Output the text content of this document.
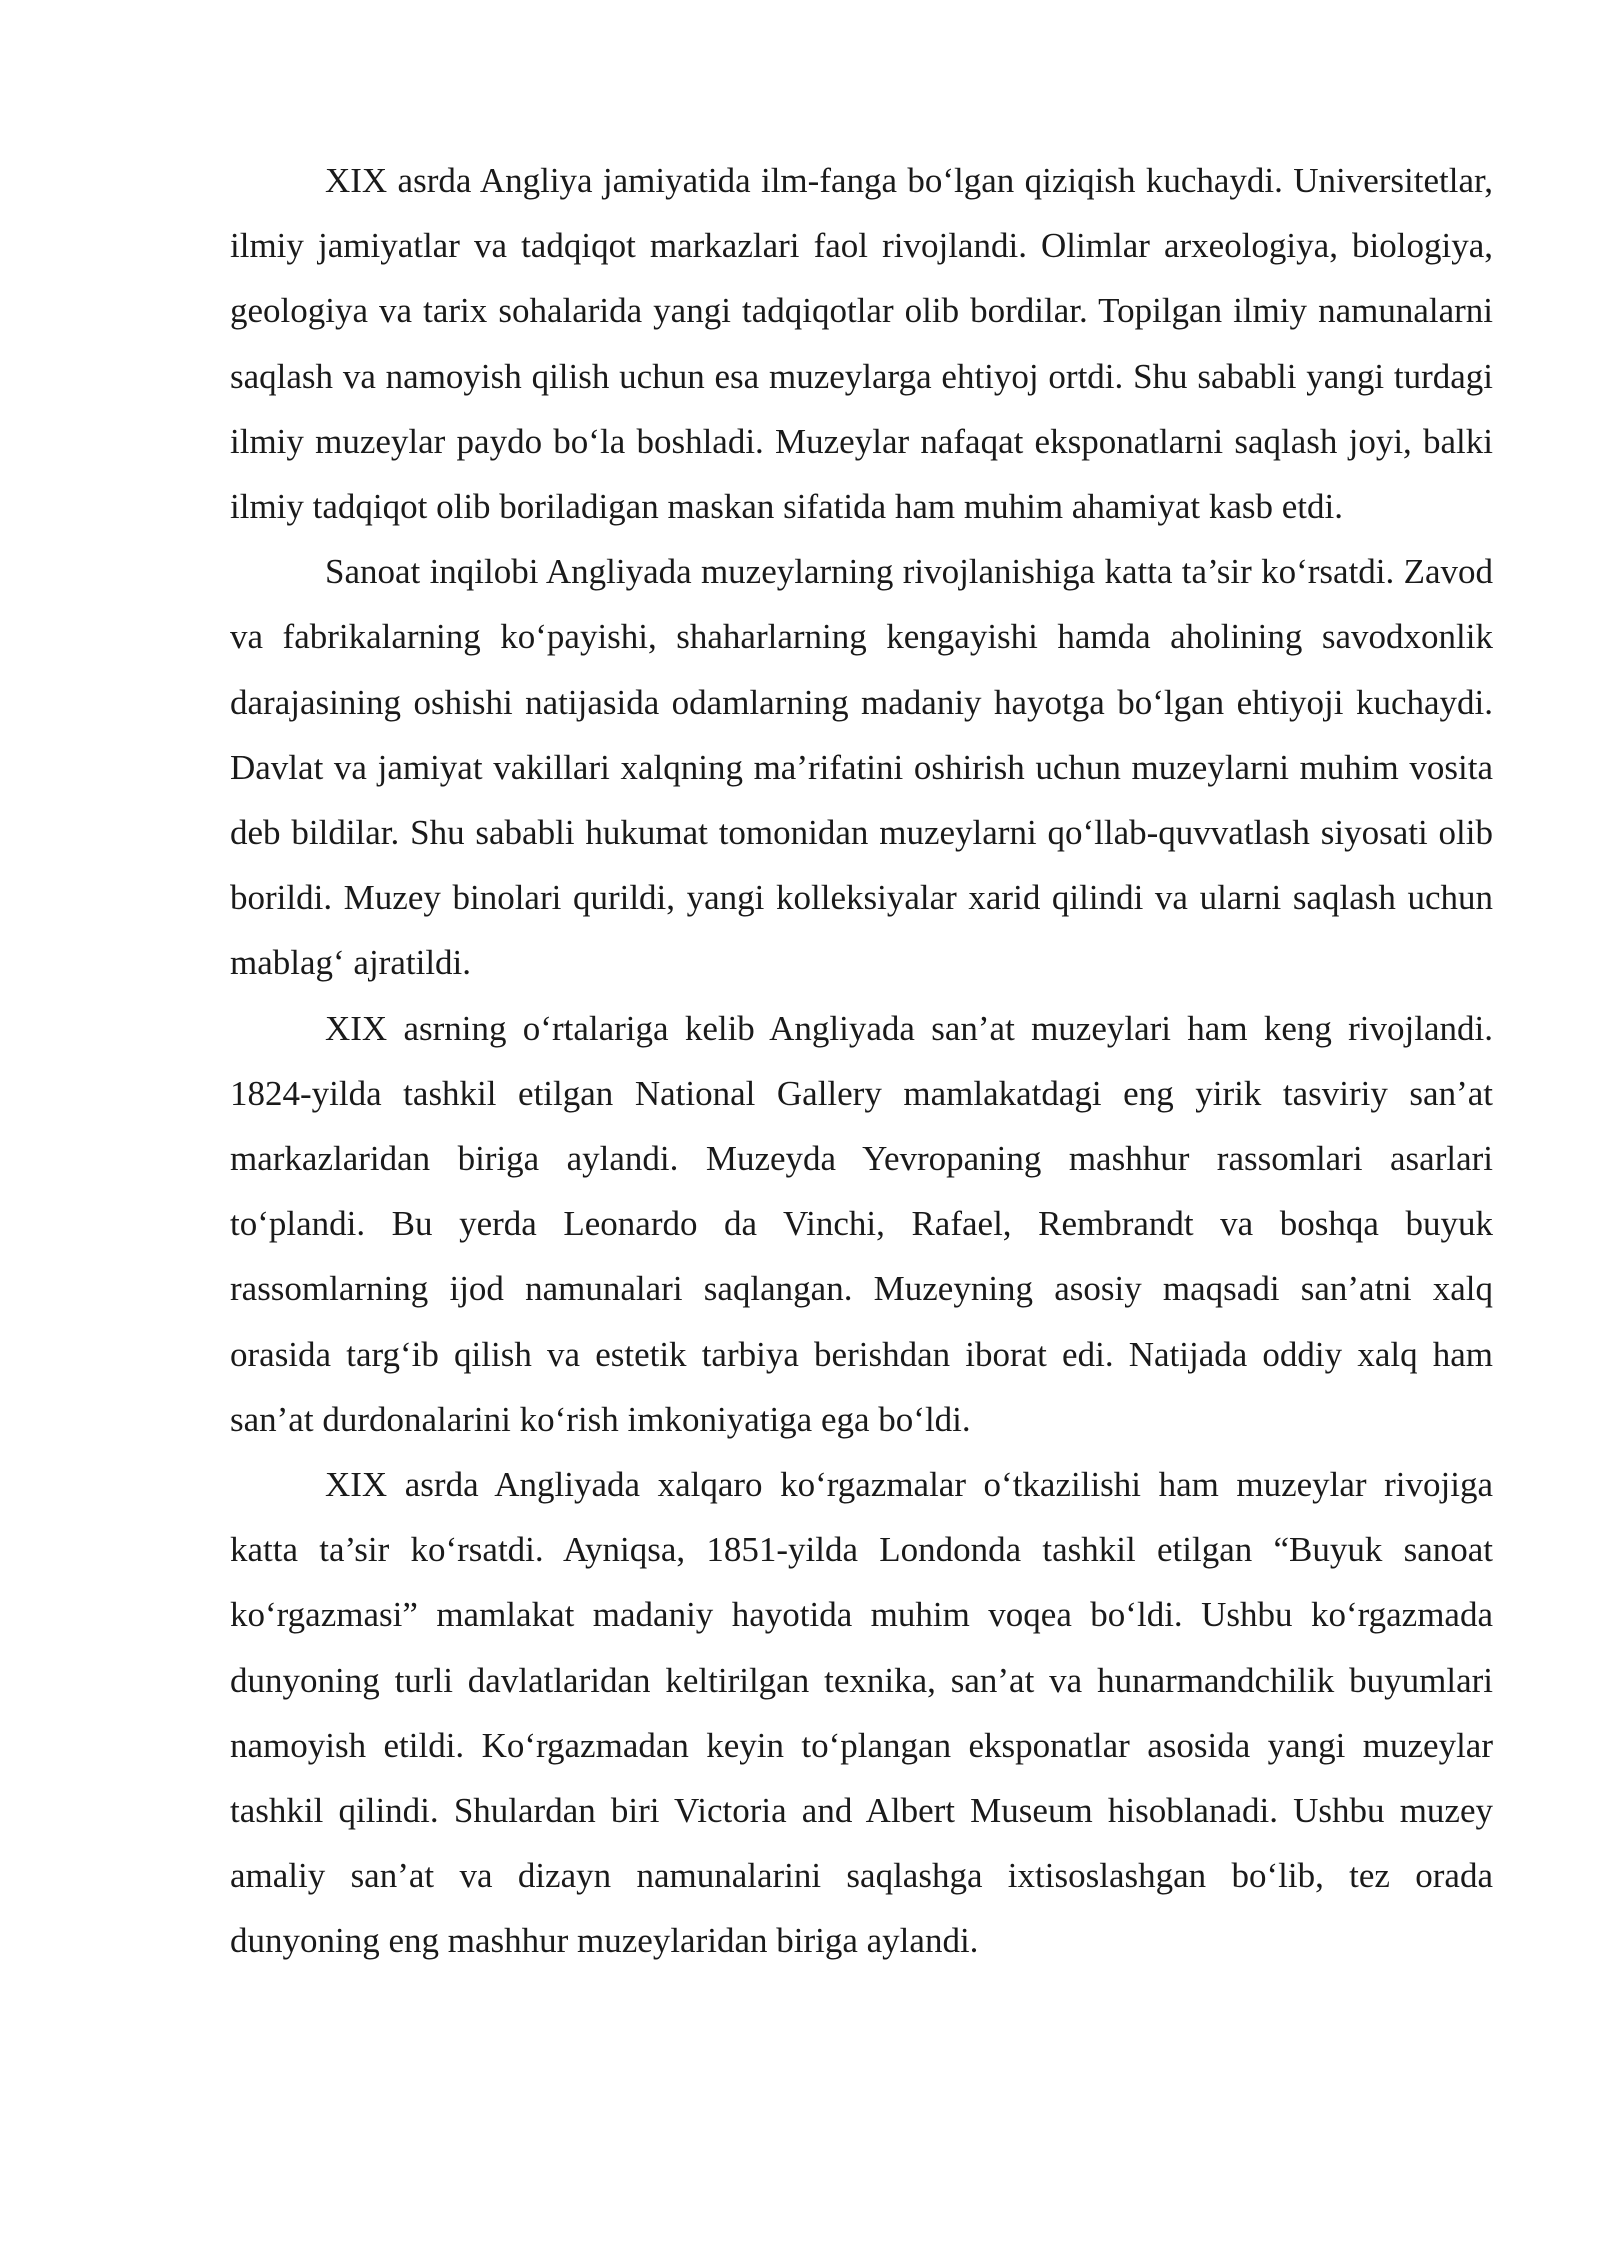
XIX asrda Angliya jamiyatida ilm-fanga bo‘lgan qiziqish kuchaydi. Universitetlar, ilmiy jamiyatlar va tadqiqot markazlari faol rivojlandi. Olimlar arxeologiya, biologiya, geologiya va tarix sohalarida yangi tadqiqotlar olib bordilar. Topilgan ilmiy namunalarni saqlash va namoyish qilish uchun esa muzeylarga ehtiyoj ortdi. Shu sababli yangi turdagi ilmiy muzeylar paydo bo‘la boshladi. Muzeylar nafaqat eksponatlarni saqlash joyi, balki ilmiy tadqiqot olib boriladigan maskan sifatida ham muhim ahamiyat kasb etdi.

Sanoat inqilobi Angliyada muzeylarning rivojlanishiga katta ta’sir ko‘rsatdi. Zavod va fabrikalarning ko‘payishi, shaharlarning kengayishi hamda aholining savodxonlik darajasining oshishi natijasida odamlarning madaniy hayotga bo‘lgan ehtiyoji kuchaydi. Davlat va jamiyat vakillari xalqning ma’rifatini oshirish uchun muzeylarni muhim vosita deb bildilar. Shu sababli hukumat tomonidan muzeylarni qo‘llab-quvvatlash siyosati olib borildi. Muzey binolari qurildi, yangi kolleksiyalar xarid qilindi va ularni saqlash uchun mablag‘ ajratildi.

XIX asrning o‘rtalariga kelib Angliyada san’at muzeylari ham keng rivojlandi. 1824-yilda tashkil etilgan National Gallery mamlakatdagi eng yirik tasviriy san’at markazlaridan biriga aylandi. Muzeyda Yevropaning mashhur rassomlari asarlari to‘plandi. Bu yerda Leonardo da Vinchi, Rafael, Rembrandt va boshqa buyuk rassomlarning ijod namunalari saqlangan. Muzeyning asosiy maqsadi san’atni xalq orasida targ‘ib qilish va estetik tarbiya berishdan iborat edi. Natijada oddiy xalq ham san’at durdonalarini ko‘rish imkoniyatiga ega bo‘ldi.

XIX asrda Angliyada xalqaro ko‘rgazmalar o‘tkazilishi ham muzeylar rivojiga katta ta’sir ko‘rsatdi. Ayniqsa, 1851-yilda Londonda tashkil etilgan “Buyuk sanoat ko‘rgazmasi” mamlakat madaniy hayotida muhim voqea bo‘ldi. Ushbu ko‘rgazmada dunyoning turli davlatlaridan keltirilgan texnika, san’at va hunarmandchilik buyumlari namoyish etildi. Ko‘rgazmadan keyin to‘plangan eksponatlar asosida yangi muzeylar tashkil qilindi. Shulardan biri Victoria and Albert Museum hisoblanadi. Ushbu muzey amaliy san’at va dizayn namunalarini saqlashga ixtisoslashgan bo‘lib, tez orada dunyoning eng mashhur muzeylaridan biriga aylandi.
